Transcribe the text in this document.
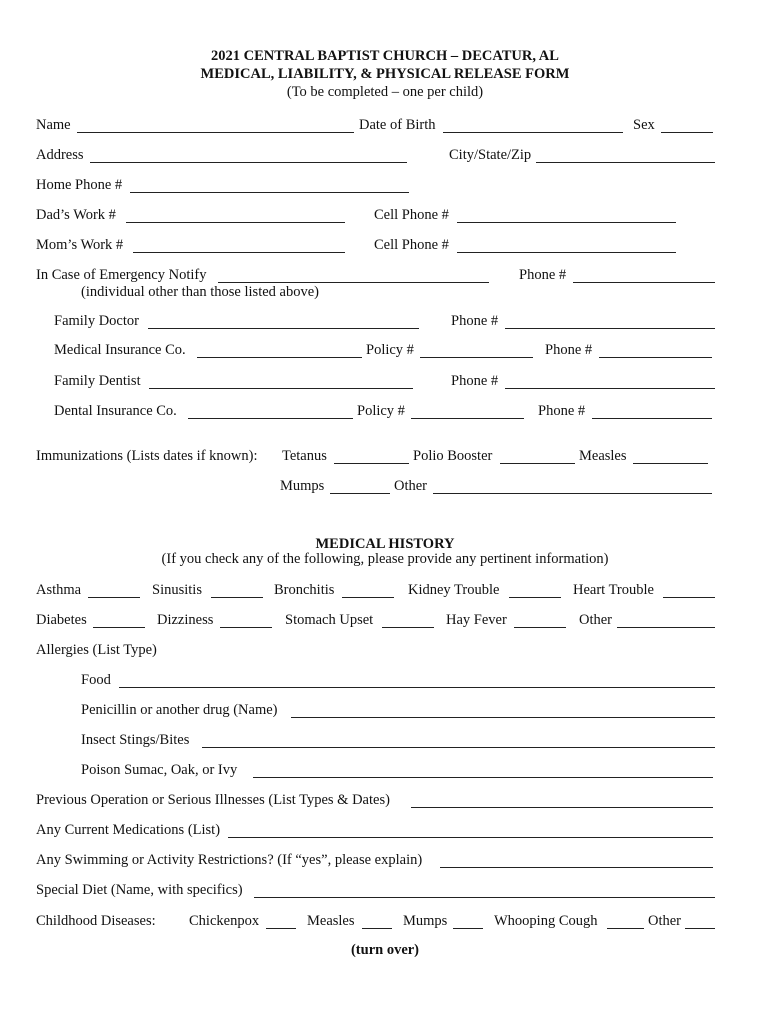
2021 CENTRAL BAPTIST CHURCH – DECATUR, AL
MEDICAL, LIABILITY, & PHYSICAL RELEASE FORM
(To be completed – one per child)
Name	Date of Birth	Sex
Address	City/State/Zip
Home Phone #
Dad’s Work #	Cell Phone #
Mom’s Work #	Cell Phone #
In Case of Emergency Notify	Phone #
(individual other than those listed above)
Family Doctor	Phone #
Medical Insurance Co.	Policy #	Phone #
Family Dentist	Phone #
Dental Insurance Co.	Policy #	Phone #
Immunizations (Lists dates if known): Tetanus	Polio Booster	Measles
Mumps	Other
MEDICAL HISTORY
(If you check any of the following, please provide any pertinent information)
Asthma	Sinusitis	Bronchitis	Kidney Trouble	Heart Trouble
Diabetes	Dizziness	Stomach Upset	Hay Fever	Other
Allergies (List Type)
Food
Penicillin or another drug (Name)
Insect Stings/Bites
Poison Sumac, Oak, or Ivy
Previous Operation or Serious Illnesses (List Types & Dates)
Any Current Medications (List)
Any Swimming or Activity Restrictions? (If “yes”, please explain)
Special Diet (Name, with specifics)
Childhood Diseases: Chickenpox	Measles	Mumps	Whooping Cough	Other
(turn over)
